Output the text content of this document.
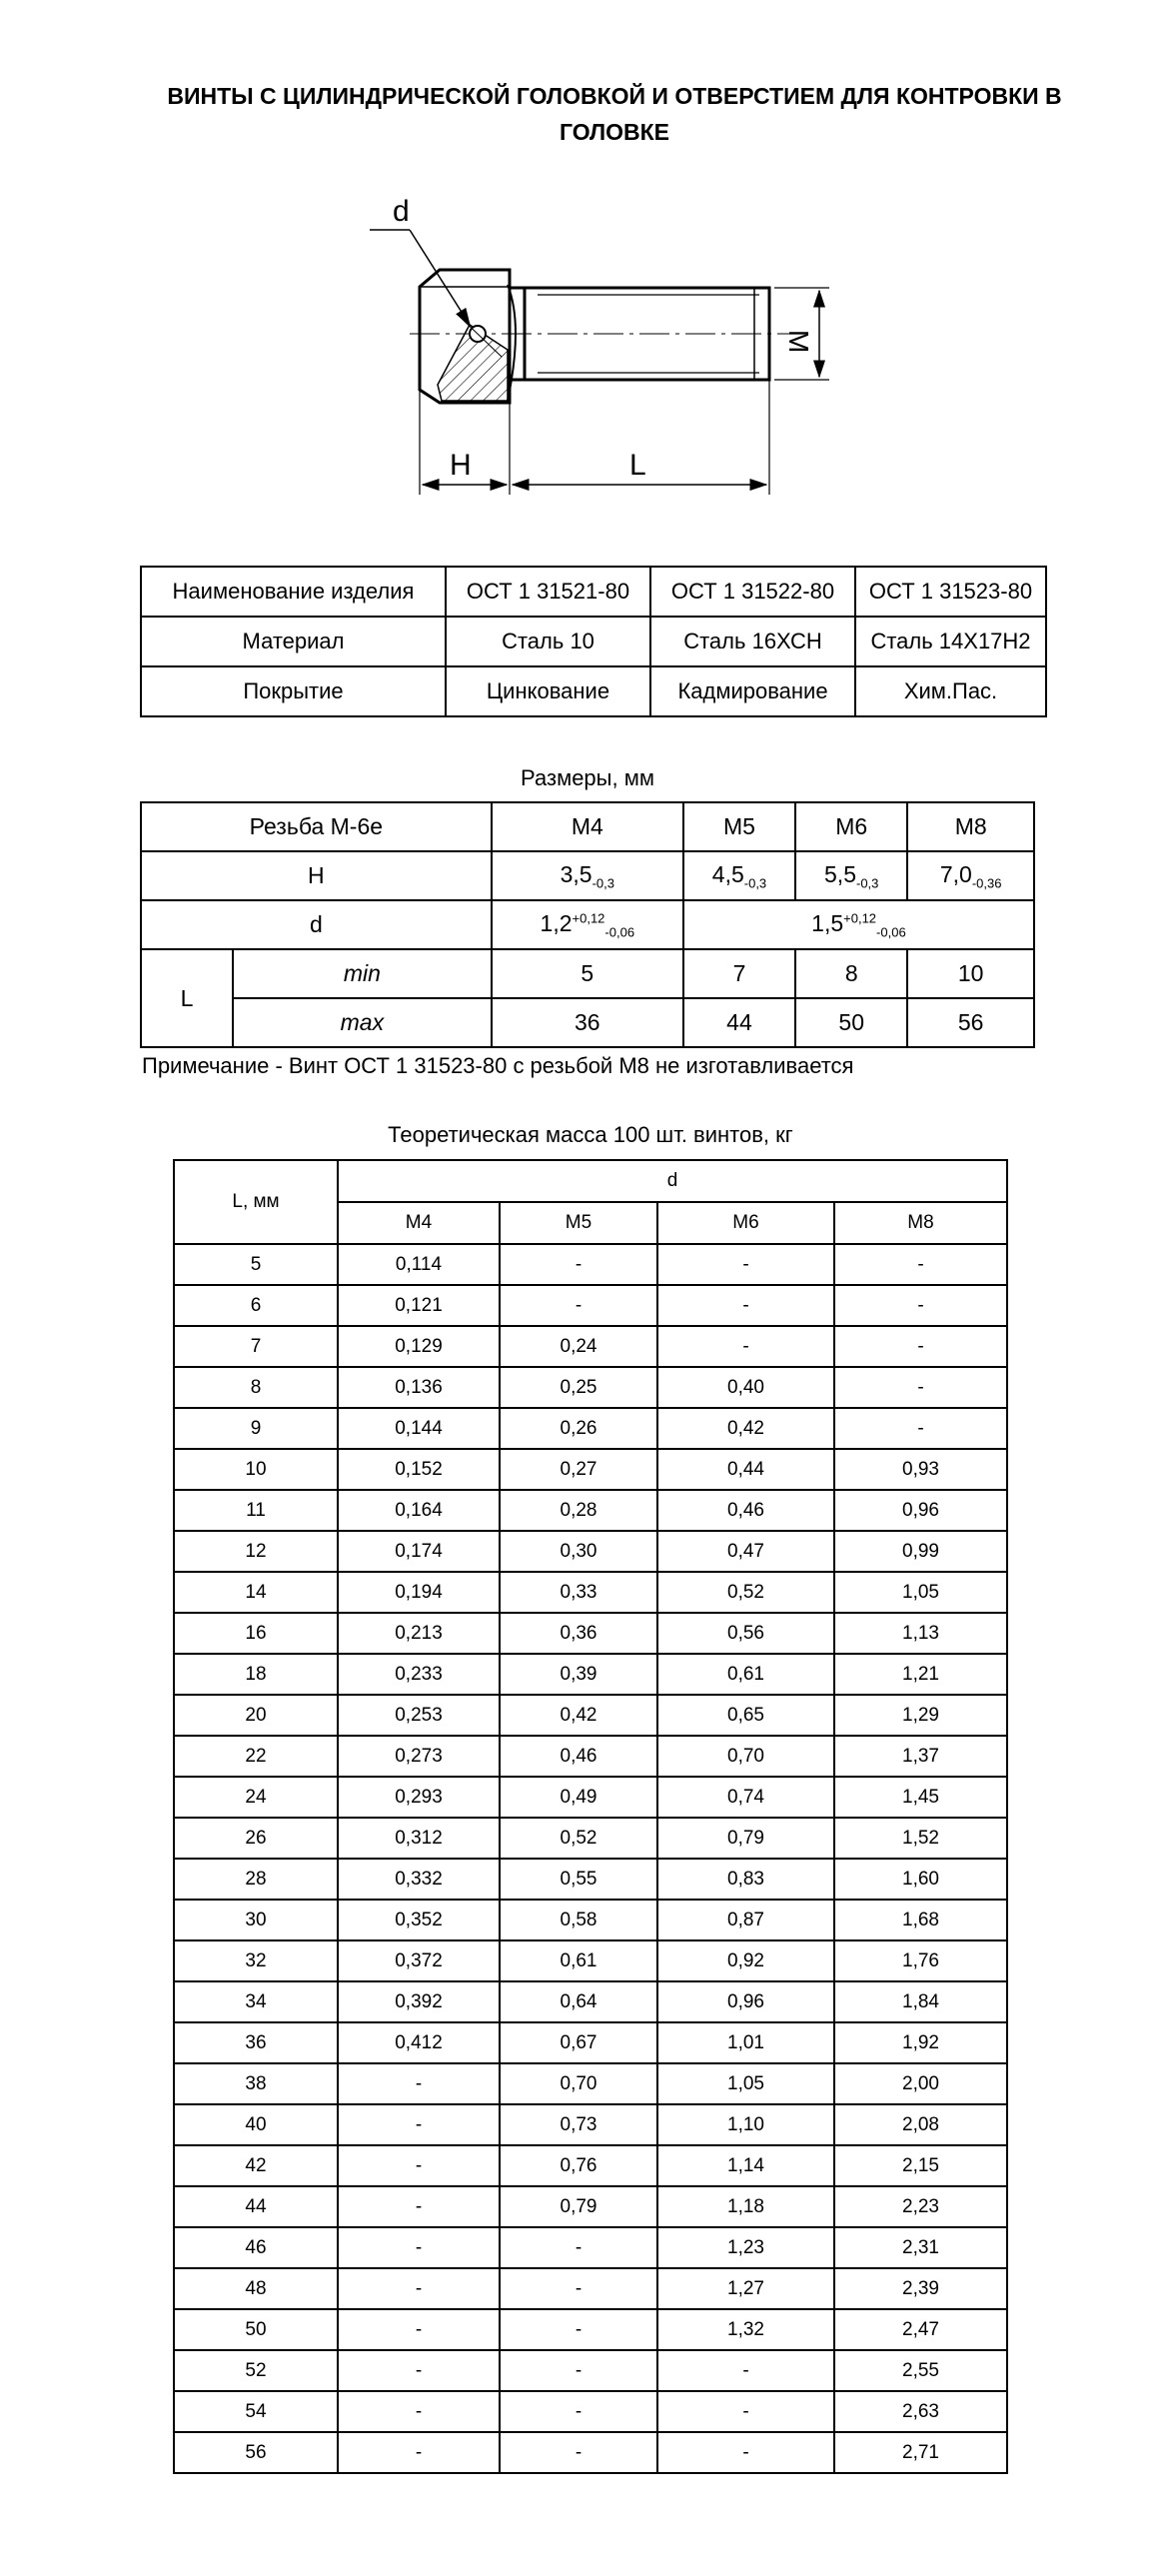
ВИНТЫ С ЦИЛИНДРИЧЕСКОЙ ГОЛОВКОЙ И ОТВЕРСТИЕМ ДЛЯ КОНТРОВКИ В ГОЛОВКЕ
d
M
H	L
Наименование изделия	ОСТ 1 31521-80	ОСТ 1 31522-80	ОСТ 1 31523-80
Материал	Сталь 10	Сталь 16ХСН	Сталь 14Х17Н2
Покрытие	Цинкование	Кадмирование	Хим.Пас.
Размеры, мм
Резьба М-6е		M4	M5	M6	M8
H		$3,5_{-0,3}$	$4,5_{-0,3}$	$5,5_{-0,3}$	$7,0_{-0,36}$
d		$1,2^{+0,12}_{-0,06}$	$1,5^{+0,12}_{-0,06}$
L	min	5	7	8	10
	max	36	44	50	56
Примечание - Винт ОСТ 1 31523-80 с резьбой М8 не изготавливается
Теоретическая масса 100 шт. винтов, кг
L, мм	d			
	M4	M5	M6	M8
5	0,114	-	-	-
6	0,121	-	-	-
7	0,129	0,24	-	-
8	0,136	0,25	0,40	-
9	0,144	0,26	0,42	-
10	0,152	0,27	0,44	0,93
11	0,164	0,28	0,46	0,96
12	0,174	0,30	0,47	0,99
14	0,194	0,33	0,52	1,05
16	0,213	0,36	0,56	1,13
18	0,233	0,39	0,61	1,21
20	0,253	0,42	0,65	1,29
22	0,273	0,46	0,70	1,37
24	0,293	0,49	0,74	1,45
26	0,312	0,52	0,79	1,52
28	0,332	0,55	0,83	1,60
30	0,352	0,58	0,87	1,68
32	0,372	0,61	0,92	1,76
34	0,392	0,64	0,96	1,84
36	0,412	0,67	1,01	1,92
38	-	0,70	1,05	2,00
40	-	0,73	1,10	2,08
42	-	0,76	1,14	2,15
44	-	0,79	1,18	2,23
46	-	-	1,23	2,31
48	-	-	1,27	2,39
50	-	-	1,32	2,47
52	-	-	-	2,55
54	-	-	-	2,63
56	-	-	-	2,71
